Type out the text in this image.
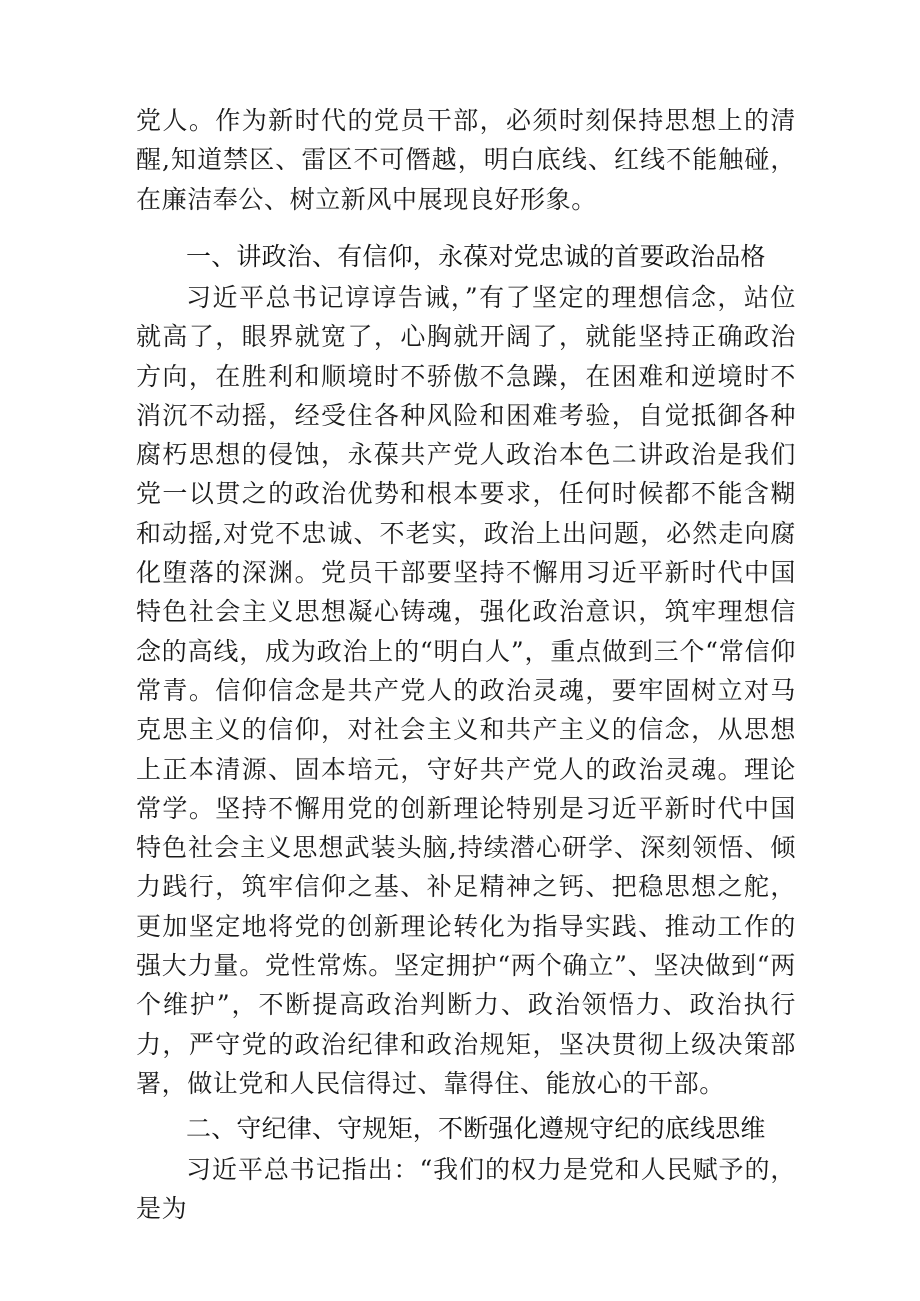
党人。作为新时代的党员干部，必须时刻保持思想上的清醒,知道禁区、雷区不可僭越，明白底线、红线不能触碰，在廉洁奉公、树立新风中展现良好形象。

一、讲政治、有信仰，永葆对党忠诚的首要政治品格

习近平总书记谆谆告诫，”有了坚定的理想信念，站位就高了，眼界就宽了，心胸就开阔了，就能坚持正确政治方向，在胜利和顺境时不骄傲不急躁，在困难和逆境时不消沉不动摇，经受住各种风险和困难考验，自觉抵御各种腐朽思想的侵蚀，永葆共产党人政治本色二讲政治是我们党一以贯之的政治优势和根本要求，任何时候都不能含糊和动摇,对党不忠诚、不老实，政治上出问题，必然走向腐化堕落的深渊。党员干部要坚持不懈用习近平新时代中国特色社会主义思想凝心铸魂，强化政治意识，筑牢理想信念的高线，成为政治上的“明白人”，重点做到三个“常信仰常青。信仰信念是共产党人的政治灵魂，要牢固树立对马克思主义的信仰，对社会主义和共产主义的信念，从思想上正本清源、固本培元，守好共产党人的政治灵魂。理论常学。坚持不懈用党的创新理论特别是习近平新时代中国特色社会主义思想武装头脑,持续潜心研学、深刻领悟、倾力践行，筑牢信仰之基、补足精神之钙、把稳思想之舵，更加坚定地将党的创新理论转化为指导实践、推动工作的强大力量。党性常炼。坚定拥护“两个确立”、坚决做到“两个维护”，不断提高政治判断力、政治领悟力、政治执行力，严守党的政治纪律和政治规矩，坚决贯彻上级决策部署，做让党和人民信得过、靠得住、能放心的干部。

二、守纪律、守规矩，不断强化遵规守纪的底线思维

习近平总书记指出：“我们的权力是党和人民赋予的，是为
